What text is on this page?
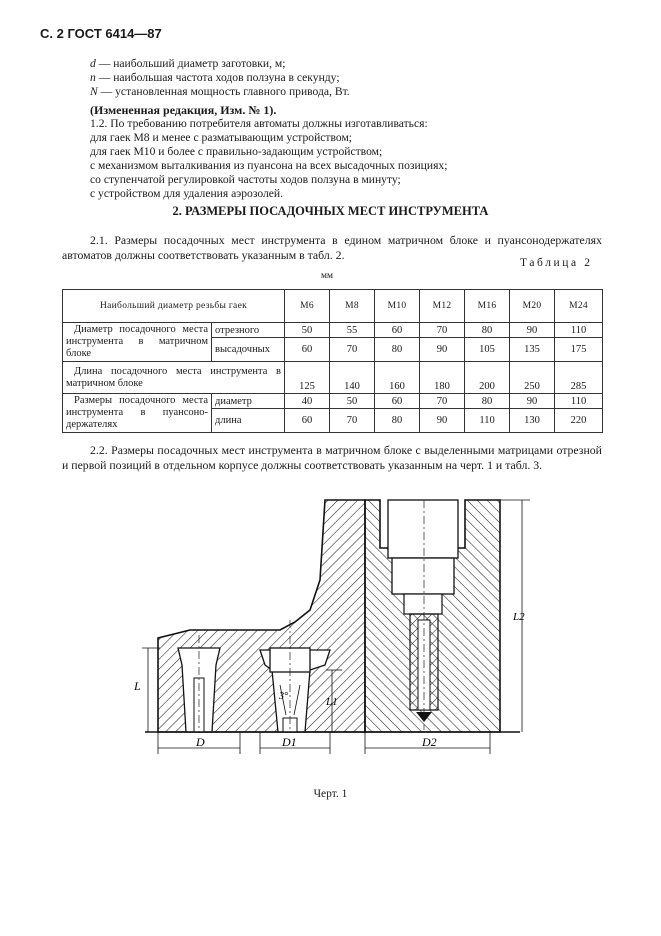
С. 2 ГОСТ 6414—87
d — наибольший диаметр заготовки, м;
n — наибольшая частота ходов ползуна в секунду;
N — установленная мощность главного привода, Вт.
(Измененная редакция, Изм. № 1).
1.2. По требованию потребителя автоматы должны изготавливаться:
для гаек М8 и менее с разматывающим устройством;
для гаек М10 и более с правильно-задающим устройством;
с механизмом выталкивания из пуансона на всех высадочных позициях;
со ступенчатой регулировкой частоты ходов ползуна в минуту;
с устройством для удаления аэрозолей.
2. РАЗМЕРЫ ПОСАДОЧНЫХ МЕСТ ИНСТРУМЕНТА
2.1. Размеры посадочных мест инструмента в едином матричном блоке и пуансонодержателях автоматов должны соответствовать указанным в табл. 2.
Таблица 2
мм
Наибольший диаметр резьбы гаек		М6	М8	М10	М12	М16	М20	М24
Диаметр посадочного места инструмента в матричном блоке	отрезного	50	55	60	70	80	90	110
	высадочных	60	70	80	90	105	135	175
Длина посадочного места инструмента в матричном блоке		125	140	160	180	200	250	285
Размеры посадочного места инструмента в пуансоно-держателях	диаметр	40	50	60	70	80	90	110
	длина	60	70	80	90	110	130	220
2.2. Размеры посадочных мест инструмента в матричном блоке с выделенными матрицами отрезной и первой позиций в отдельном корпусе должны соответствовать указанным на черт. 1 и табл. 3.
L
L1
L2
D	D1	D2
3°
Черт. 1
